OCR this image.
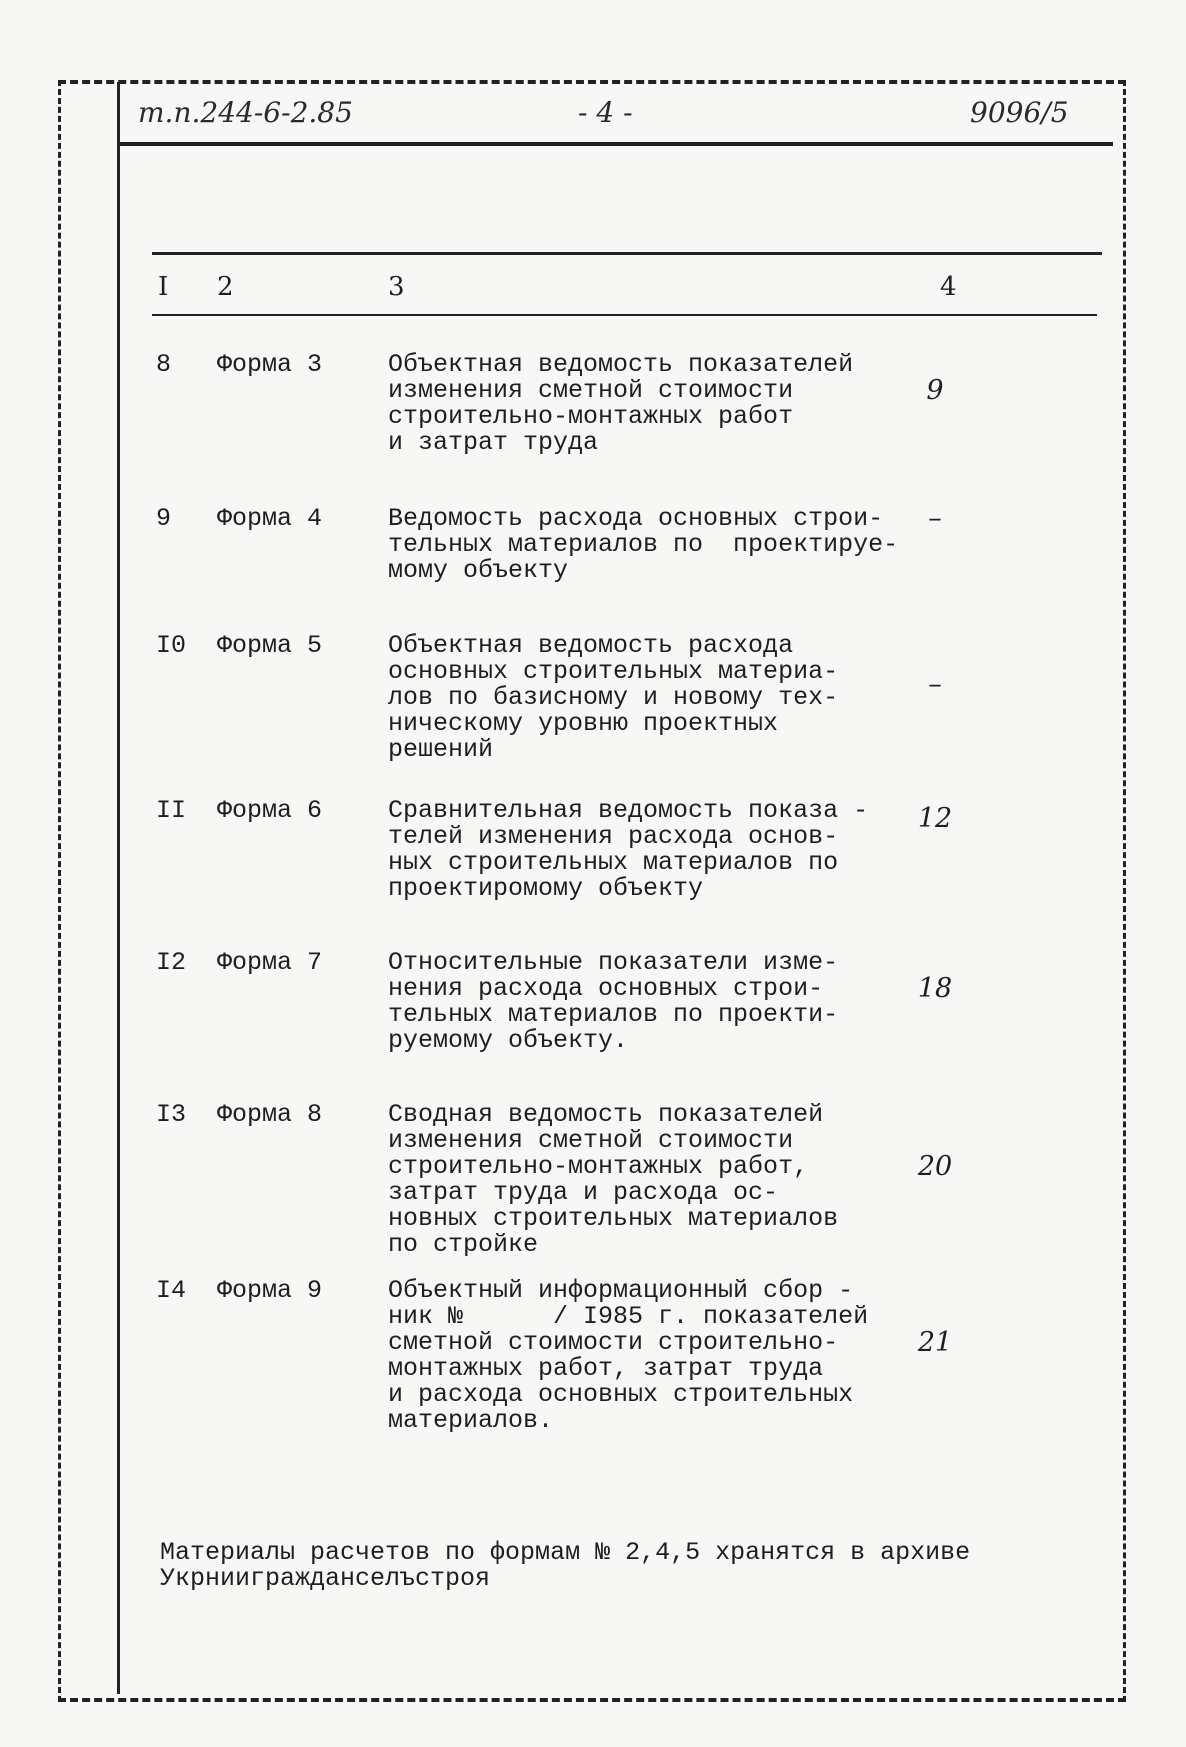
т.п.244-6-2.85	- 4 -	9096/5
I 2	3	4
8 Форма 3	Объектная ведомость показателей
изменения сметной стоимости
строительно-монтажных работ
и затрат труда
9
9 Форма 4	Ведомость расхода основных строи-
тельных материалов по  проектируе-
мому объекту
–
I0 Форма 5	Объектная ведомость расхода
основных строительных материа-
лов по базисному и новому тех-
ническому уровню проектных
решений
–
II Форма 6	Сравнительная ведомость показа -
телей изменения расхода основ-
ных строительных материалов по
проектиромому объекту
12
I2 Форма 7	Относительные показатели изме-
нения расхода основных строи-
тельных материалов по проекти-
руемому объекту.
18
I3 Форма 8	Сводная ведомость показателей
изменения сметной стоимости
строительно-монтажных работ,
затрат труда и расхода ос-
новных строительных материалов
по стройке
20
I4 Форма 9	Объектный информационный сбор -
ник №      / I985 г. показателей
сметной стоимости строительно-
монтажных работ, затрат труда
и расхода основных строительных
материалов.
21
Материалы расчетов по формам № 2,4,5 хранятся в архиве
Укрниигражданселъстроя
